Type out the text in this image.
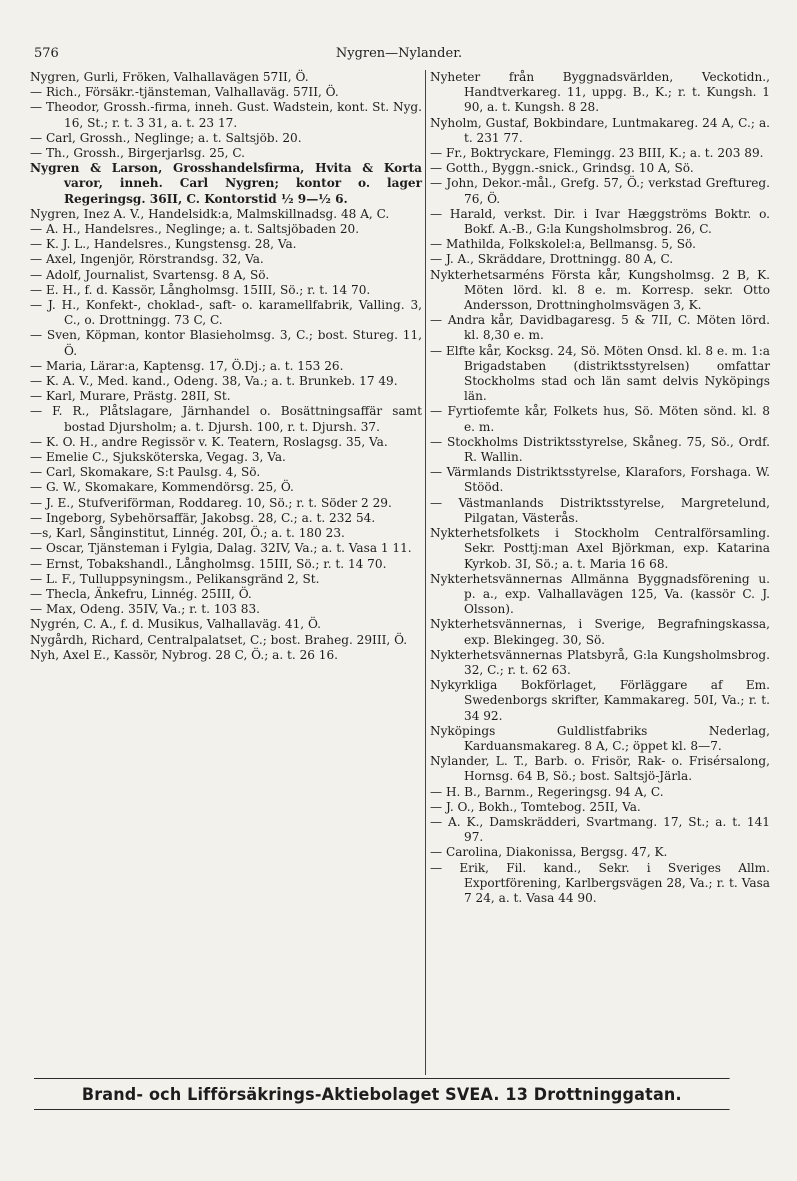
576	Nygren—Nylander.

Nygren, Gurli, Fröken, Valhallavägen 57II, Ö.

— Rich., Försäkr.-tjänsteman, Valhallaväg. 57II, Ö.

— Theodor, Grossh.-firma, inneh. Gust. Wadstein, kont. St. Nyg. 16, St.; r. t. 3 31, a. t. 23 17.

— Carl, Grossh., Neglinge; a. t. Saltsjöb. 20.

— Th., Grossh., Birgerjarlsg. 25, C.

Nygren & Larson, Grosshandelsfirma, Hvita & Korta varor, inneh. Carl Nygren; kontor o. lager Regeringsg. 36II, C. Kontorstid ½ 9—½ 6.

Nygren, Inez A. V., Handelsidk:a, Malmskillnadsg. 48 A, C.

— A. H., Handelsres., Neglinge; a. t. Saltsjöbaden 20.

— K. J. L., Handelsres., Kungstensg. 28, Va.

— Axel, Ingenjör, Rörstrandsg. 32, Va.

— Adolf, Journalist, Svartensg. 8 A, Sö.

— E. H., f. d. Kassör, Långholmsg. 15III, Sö.; r. t. 14 70.

— J. H., Konfekt-, choklad-, saft- o. karamellfabrik, Valling. 3, C., o. Drottningg. 73 C, C.

— Sven, Köpman, kontor Blasieholmsg. 3, C.; bost. Stureg. 11, Ö.

— Maria, Lärar:a, Kaptensg. 17, Ö.Dj.; a. t. 153 26.

— K. A. V., Med. kand., Odeng. 38, Va.; a. t. Brunkeb. 17 49.

— Karl, Murare, Prästg. 28II, St.

— F. R., Plåtslagare, Järnhandel o. Bosättningsaffär samt bostad Djursholm; a. t. Djursh. 100, r. t. Djursh. 37.

— K. O. H., andre Regissör v. K. Teatern, Roslagsg. 35, Va.

— Emelie C., Sjuksköterska, Vegag. 3, Va.

— Carl, Skomakare, S:t Paulsg. 4, Sö.

— G. W., Skomakare, Kommendörsg. 25, Ö.

— J. E., Stufveriförman, Roddareg. 10, Sö.; r. t. Söder 2 29.

— Ingeborg, Sybehörsaffär, Jakobsg. 28, C.; a. t. 232 54.

—s, Karl, Sånginstitut, Linnég. 20I, Ö.; a. t. 180 23.

— Oscar, Tjänsteman i Fylgia, Dalag. 32IV, Va.; a. t. Vasa 1 11.

— Ernst, Tobakshandl., Långholmsg. 15III, Sö.; r. t. 14 70.

— L. F., Tulluppsyningsm., Pelikansgränd 2, St.

— Thecla, Änkefru, Linnég. 25III, Ö.

— Max, Odeng. 35IV, Va.; r. t. 103 83.

Nygrén, C. A., f. d. Musikus, Valhallaväg. 41, Ö.

Nygårdh, Richard, Centralpalatset, C.; bost. Braheg. 29III, Ö.

Nyh, Axel E., Kassör, Nybrog. 28 C, Ö.; a. t. 26 16.

Nyheter från Byggnadsvärlden, Veckotidn., Handtverkareg. 11, uppg. B., K.; r. t. Kungsh. 1 90, a. t. Kungsh. 8 28.

Nyholm, Gustaf, Bokbindare, Luntmakareg. 24 A, C.; a. t. 231 77.

— Fr., Boktryckare, Flemingg. 23 BIII, K.; a. t. 203 89.

— Gotth., Byggn.-snick., Grindsg. 10 A, Sö.

— John, Dekor.-mål., Grefg. 57, Ö.; verkstad Greftureg. 76, Ö.

— Harald, verkst. Dir. i Ivar Hæggströms Boktr. o. Bokf. A.-B., G:la Kungsholmsbrog. 26, C.

— Mathilda, Folkskolel:a, Bellmansg. 5, Sö.

— J. A., Skräddare, Drottningg. 80 A, C.

Nykterhetsarméns Första kår, Kungsholmsg. 2 B, K. Möten lörd. kl. 8 e. m. Korresp. sekr. Otto Andersson, Drottningholmsvägen 3, K.

— Andra kår, Davidbagaresg. 5 & 7II, C. Möten lörd. kl. 8,30 e. m.

— Elfte kår, Kocksg. 24, Sö. Möten Onsd. kl. 8 e. m. 1:a Brigadstaben (distriktsstyrelsen) omfattar Stockholms stad och län samt delvis Nyköpings län.

— Fyrtiofemte kår, Folkets hus, Sö. Möten sönd. kl. 8 e. m.

— Stockholms Distriktsstyrelse, Skåneg. 75, Sö., Ordf. R. Wallin.

— Värmlands Distriktsstyrelse, Klarafors, Forshaga. W. Stööd.

— Västmanlands Distriktsstyrelse, Margretelund, Pilgatan, Västerås.

Nykterhetsfolkets i Stockholm Centralförsamling. Sekr. Posttj:man Axel Björkman, exp. Katarina Kyrkob. 3I, Sö.; a. t. Maria 16 68.

Nykterhetsvännernas Allmänna Byggnadsförening u. p. a., exp. Valhallavägen 125, Va. (kassör C. J. Olsson).

Nykterhetsvännernas, i Sverige, Begrafningskassa, exp. Blekingeg. 30, Sö.

Nykterhetsvännernas Platsbyrå, G:la Kungsholmsbrog. 32, C.; r. t. 62 63.

Nykyrkliga Bokförlaget, Förläggare af Em. Swedenborgs skrifter, Kammakareg. 50I, Va.; r. t. 34 92.

Nyköpings Guldlistfabriks Nederlag, Karduansmakareg. 8 A, C.; öppet kl. 8—7.

Nylander, L. T., Barb. o. Frisör, Rak- o. Frisérsalong, Hornsg. 64 B, Sö.; bost. Saltsjö-Järla.

— H. B., Barnm., Regeringsg. 94 A, C.

— J. O., Bokh., Tomtebog. 25II, Va.

— A. K., Damskrädderi, Svartmang. 17, St.; a. t. 141 97.

— Carolina, Diakonissa, Bergsg. 47, K.

— Erik, Fil. kand., Sekr. i Sveriges Allm. Exportförening, Karlbergsvägen 28, Va.; r. t. Vasa 7 24, a. t. Vasa 44 90.

Brand- och Lifförsäkrings-Aktiebolaget SVEA. 13 Drottninggatan.
